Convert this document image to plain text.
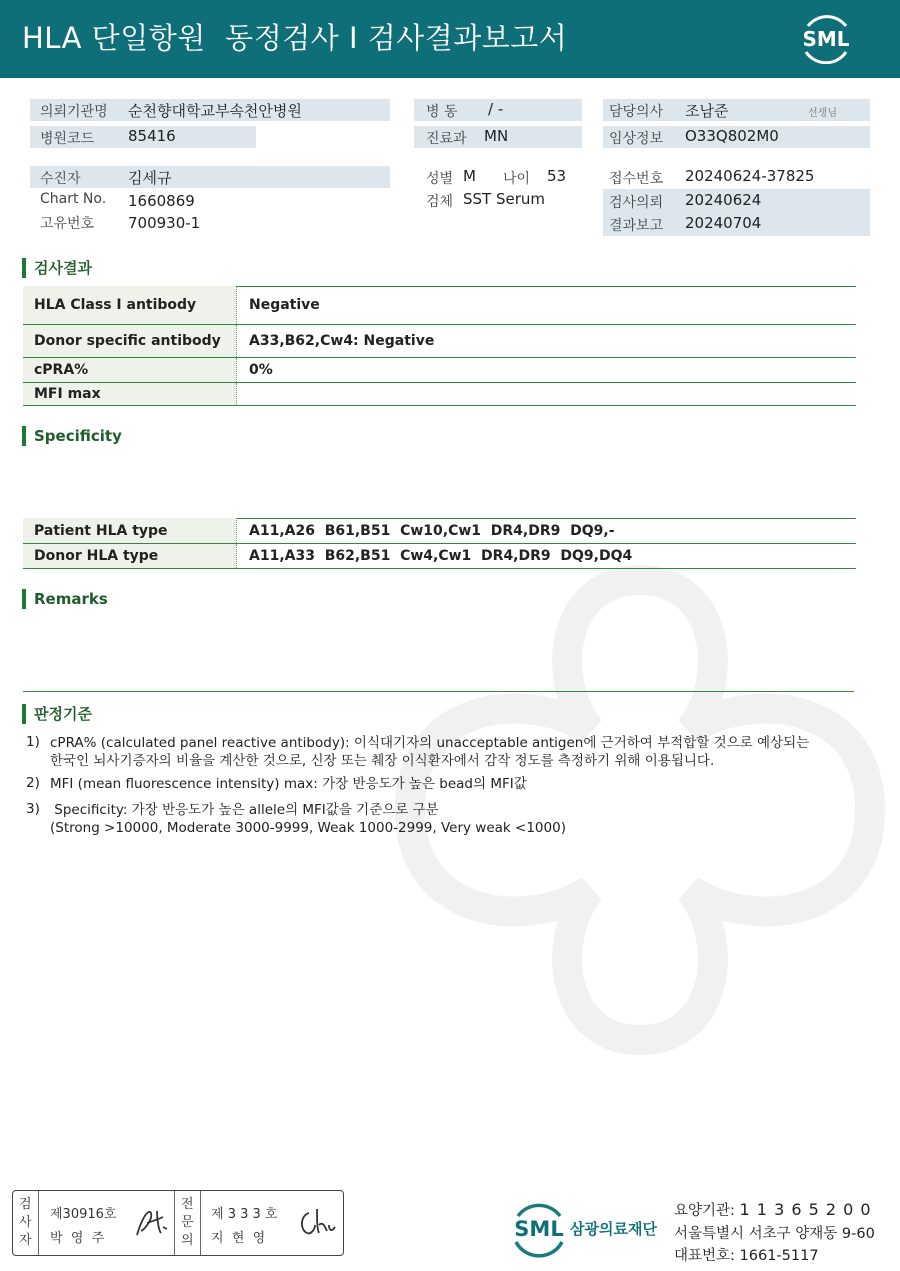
HLA 단일항원  동정검사 I 검사결과보고서	SML
의뢰기관명 순천향대학교부속천안병원
병원코드 85416
수진자	김세규
Chart No. 1660869
고유번호 700930-1
병 동 / -
진료과 MN
성별 M 나이 53
검체 SST Serum
담당의사 조남준	선생님
임상정보 O33Q802M0
접수번호 20240624-37825
검사의뢰 20240624
결과보고 20240704
검사결과
HLA Class I antibody	Negative
Donor specific antibody	A33,B62,Cw4: Negative
cPRA%	0%
MFI max
Specificity
Patient HLA type	A11,A26  B61,B51  Cw10,Cw1  DR4,DR9  DQ9,-
Donor HLA type	A11,A33  B62,B51  Cw4,Cw1  DR4,DR9  DQ9,DQ4
Remarks
판정기준
1) cPRA% (calculated panel reactive antibody): 이식대기자의 unacceptable antigen에 근거하여 부적합할 것으로 예상되는
한국인 뇌사기증자의 비율을 계산한 것으로, 신장 또는 췌장 이식환자에서 감작 정도를 측정하기 위해 이용됩니다.
2) MFI (mean fluorescence intensity) max: 가장 반응도가 높은 bead의 MFI값
3) Specificity: 가장 반응도가 높은 allele의 MFI값을 기준으로 구분
(Strong >10000, Moderate 3000-9999, Weak 1000-2999, Very weak <1000)
검
사
자
제30916호
박  영  주
전
문
의
제 3 3 3 호
지  현  영	SML 삼광의료재단
요양기관: 1 1 3 6 5 2 0 0
서울특별시 서초구 양재동 9-60
대표번호: 1661-5117
